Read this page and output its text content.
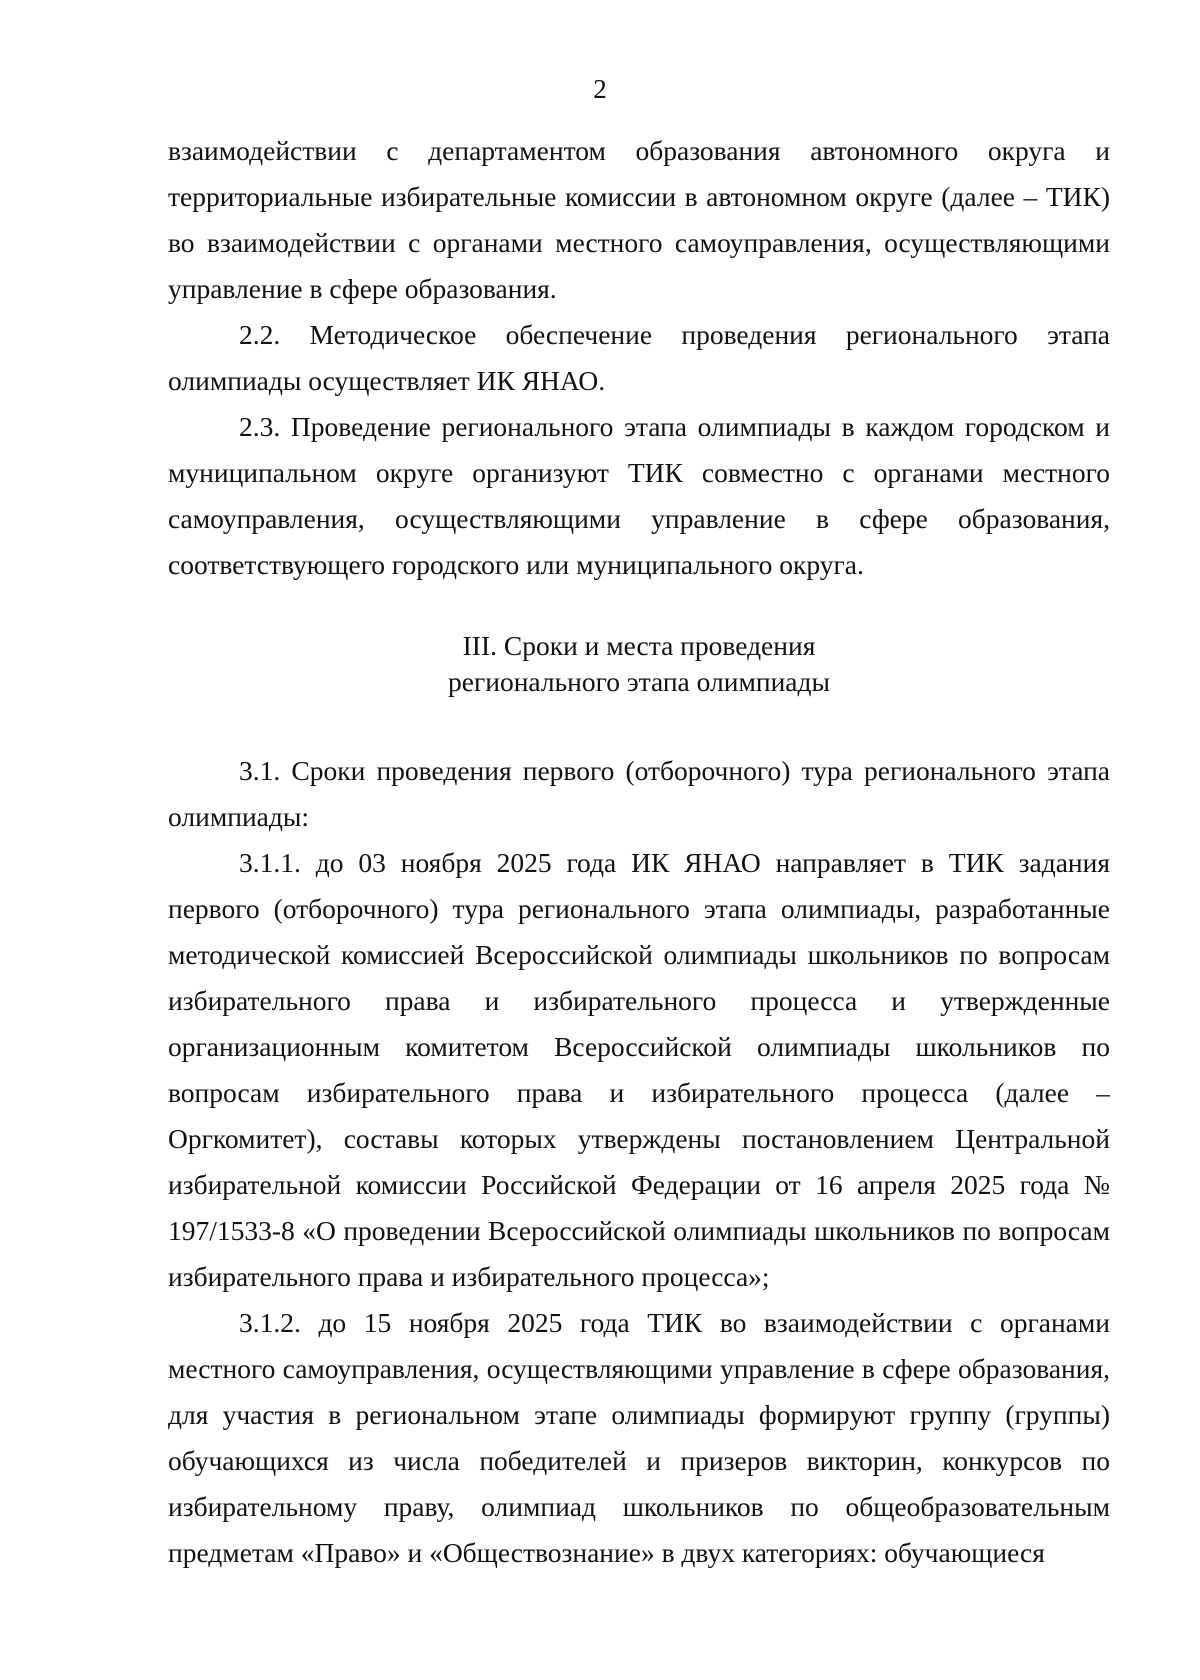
2

взаимодействии с департаментом образования автономного округа и территориальные избирательные комиссии в автономном округе (далее – ТИК) во взаимодействии с органами местного самоуправления, осуществляющими управление в сфере образования.

2.2. Методическое обеспечение проведения регионального этапа олимпиады осуществляет ИК ЯНАО.

2.3. Проведение регионального этапа олимпиады в каждом городском и муниципальном округе организуют ТИК совместно с органами местного самоуправления, осуществляющими управление в сфере образования, соответствующего городского или муниципального округа.

III. Сроки и места проведения
регионального этапа олимпиады

3.1. Сроки проведения первого (отборочного) тура регионального этапа олимпиады:

3.1.1. до 03 ноября 2025 года ИК ЯНАО направляет в ТИК задания первого (отборочного) тура регионального этапа олимпиады, разработанные методической комиссией Всероссийской олимпиады школьников по вопросам избирательного права и избирательного процесса и утвержденные организационным комитетом Всероссийской олимпиады школьников по вопросам избирательного права и избирательного процесса (далее – Оргкомитет), составы которых утверждены постановлением Центральной избирательной комиссии Российской Федерации от 16 апреля 2025 года № 197/1533-8 «О проведении Всероссийской олимпиады школьников по вопросам избирательного права и избирательного процесса»;

3.1.2. до 15 ноября 2025 года ТИК во взаимодействии с органами местного самоуправления, осуществляющими управление в сфере образования, для участия в региональном этапе олимпиады формируют группу (группы) обучающихся из числа победителей и призеров викторин, конкурсов по избирательному праву, олимпиад школьников по общеобразовательным предметам «Право» и «Обществознание» в двух категориях: обучающиеся
